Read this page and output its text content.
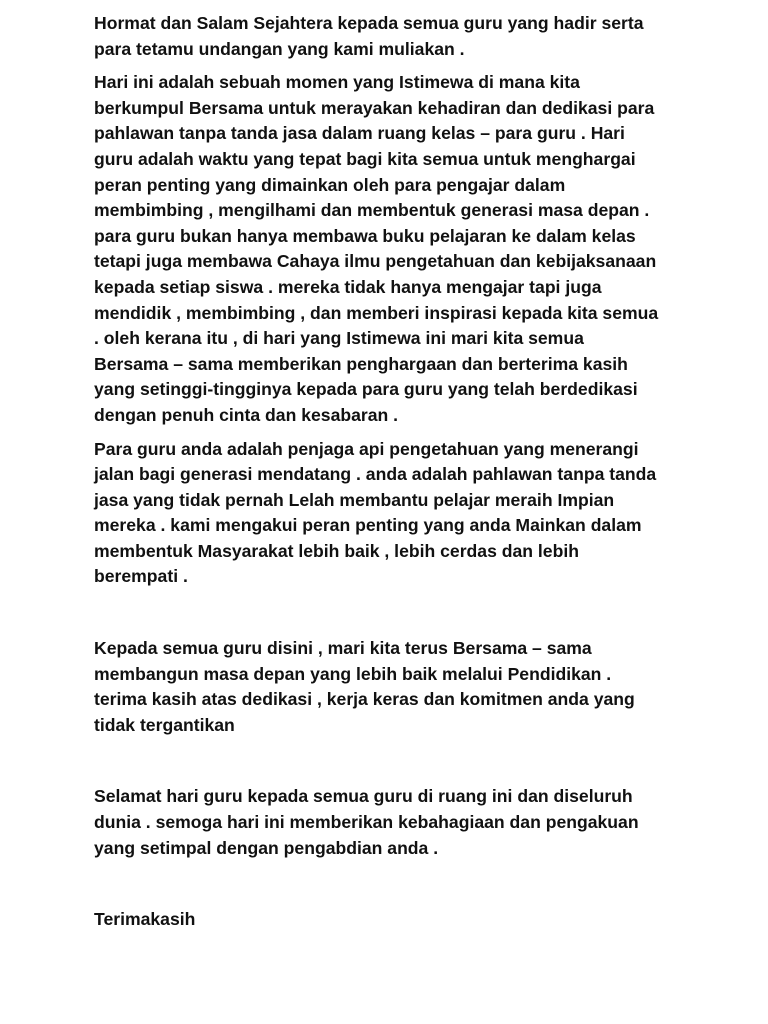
Hormat dan Salam Sejahtera kepada semua guru yang hadir serta
para tetamu undangan yang kami muliakan .

Hari ini adalah sebuah momen yang Istimewa di mana kita
berkumpul Bersama untuk merayakan kehadiran dan dedikasi para
pahlawan tanpa tanda jasa dalam ruang kelas – para guru . Hari
guru adalah waktu yang tepat bagi kita semua untuk menghargai
peran penting yang dimainkan oleh para pengajar dalam
membimbing , mengilhami dan membentuk generasi masa depan .
para guru bukan hanya membawa buku pelajaran ke dalam kelas
tetapi juga membawa Cahaya ilmu pengetahuan dan kebijaksanaan
kepada setiap siswa . mereka tidak hanya mengajar tapi juga
mendidik , membimbing , dan memberi inspirasi kepada kita semua
. oleh kerana itu , di hari yang Istimewa ini mari kita semua
Bersama – sama memberikan penghargaan dan berterima kasih
yang setinggi-tingginya kepada para guru yang telah berdedikasi
dengan penuh cinta dan kesabaran .

Para guru anda adalah penjaga api pengetahuan yang menerangi
jalan bagi generasi mendatang . anda adalah pahlawan tanpa tanda
jasa yang tidak pernah Lelah membantu pelajar meraih Impian
mereka . kami mengakui peran penting yang anda Mainkan dalam
membentuk Masyarakat lebih baik , lebih cerdas dan lebih
berempati .

Kepada semua guru disini , mari kita terus Bersama – sama
membangun masa depan yang lebih baik melalui Pendidikan .
terima kasih atas dedikasi , kerja keras dan komitmen anda yang
tidak tergantikan

Selamat hari guru kepada semua guru di ruang ini dan diseluruh
dunia . semoga hari ini memberikan kebahagiaan dan pengakuan
yang setimpal dengan pengabdian anda .

Terimakasih
